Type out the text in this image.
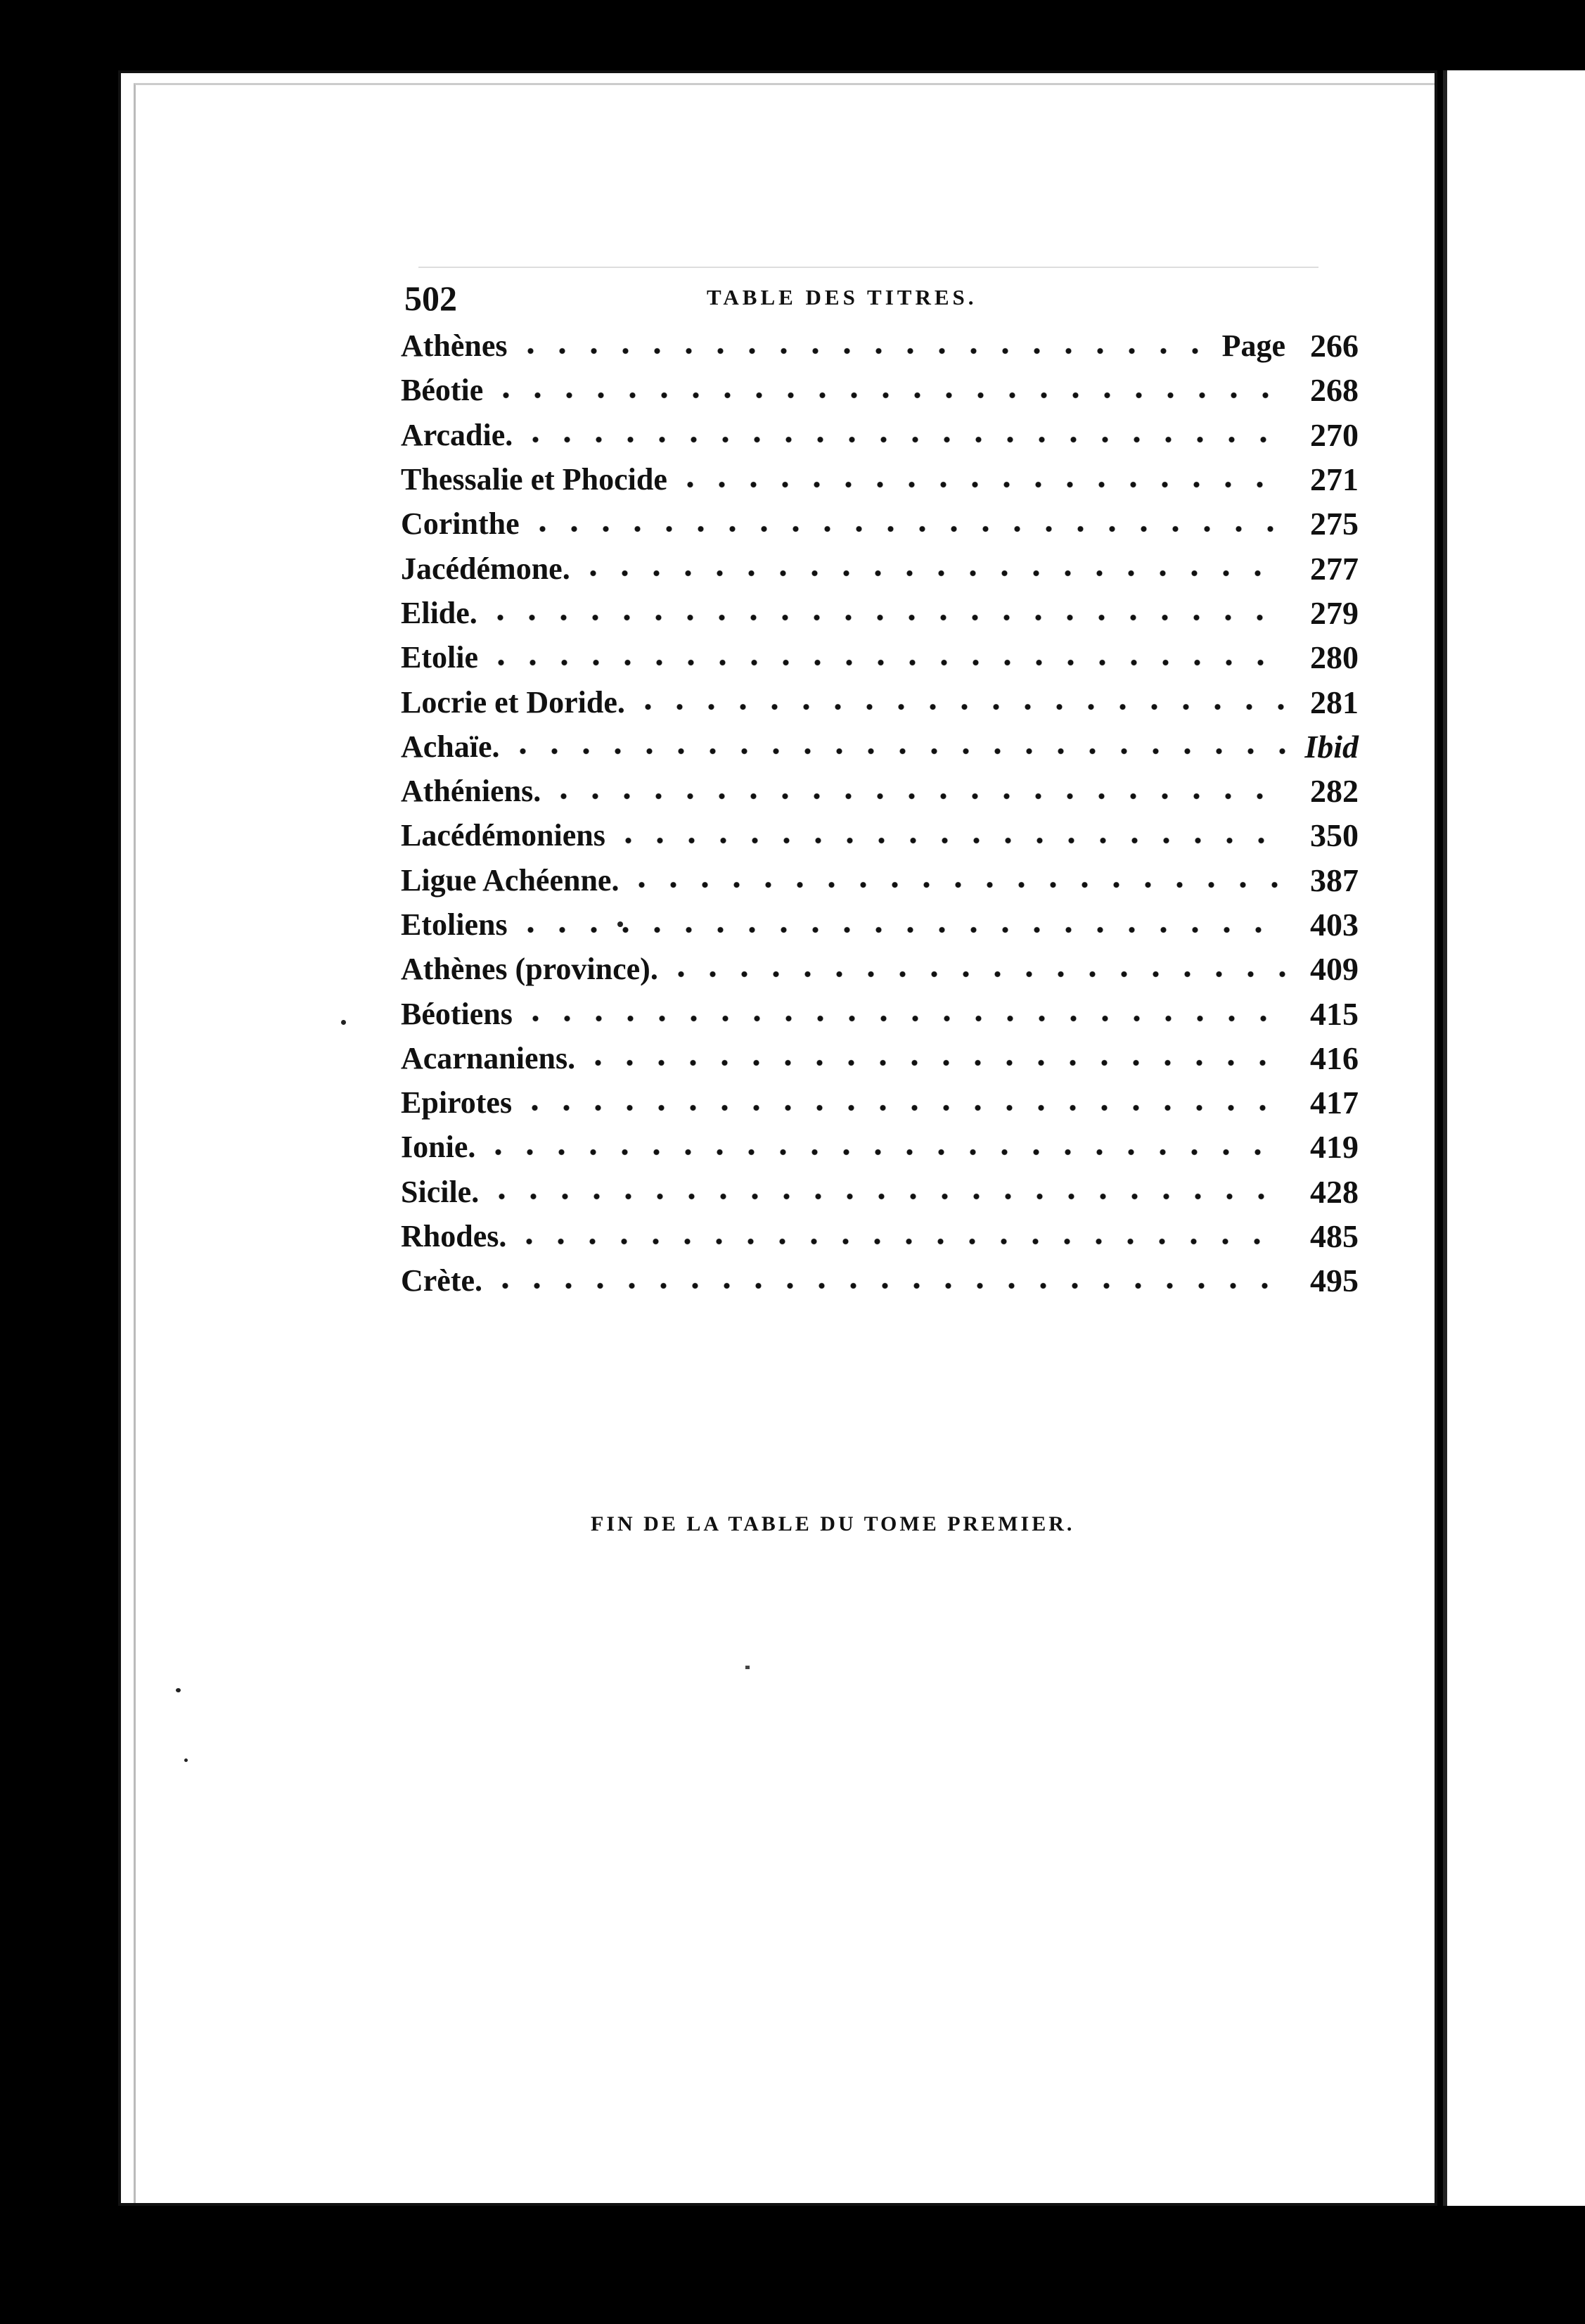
502	TABLE DES TITRES.
Athènes	Page 266
Béotie	268
Arcadie.	270
Thessalie et Phocide	271
Corinthe	275
Jacédémone.	277
Elide.	279
Etolie	280
Locrie et Doride.	281
Achaïe.	Ibid
Athéniens.	282
Lacédémoniens	350
Ligue Achéenne.	387
Etoliens	403
Athènes (province).	409
Béotiens	415
Acarnaniens.	416
Epirotes	417
Ionie.	419
Sicile.	428
Rhodes.	485
Crète.	495
FIN DE LA TABLE DU TOME PREMIER.
